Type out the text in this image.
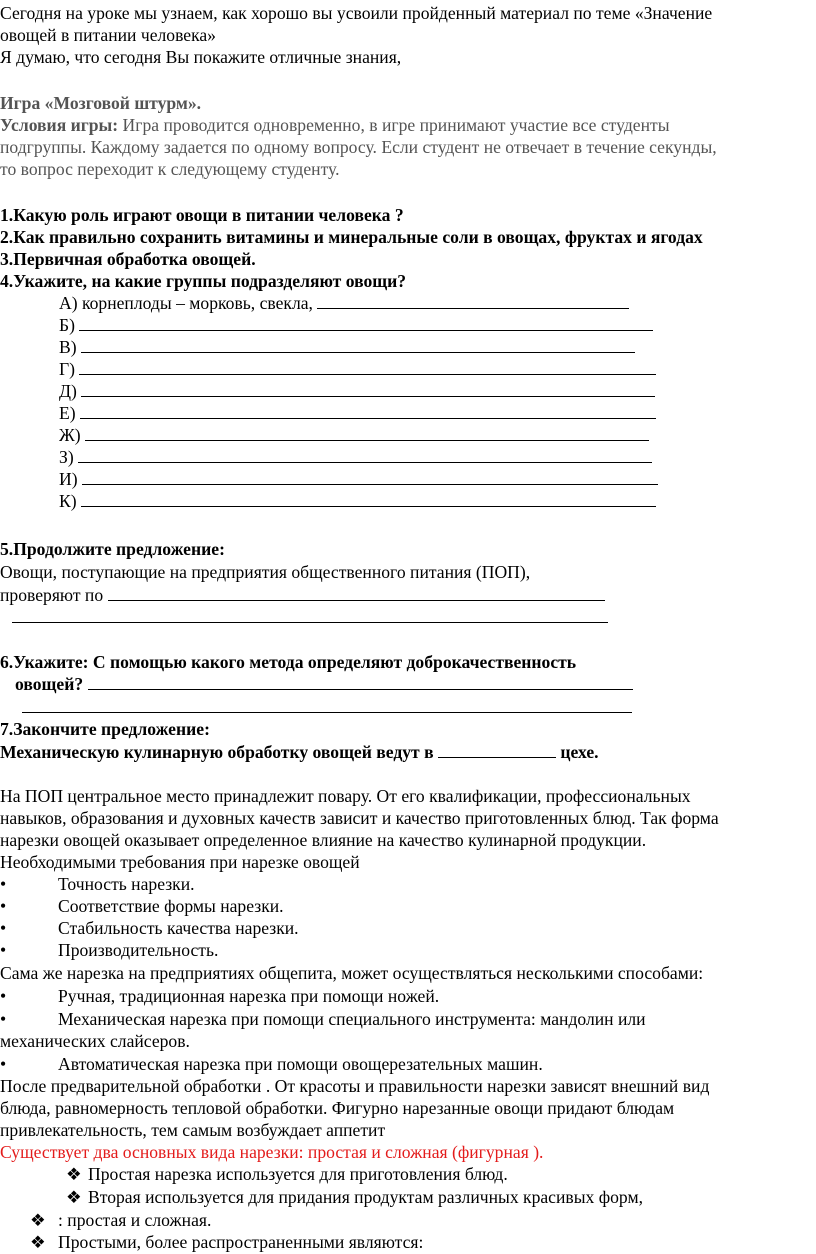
Сегодня на уроке мы узнаем, как хорошо вы усвоили пройденный материал по теме «Значение
овощей в питании человека»
Я думаю, что сегодня Вы покажите отличные знания,
Игра «Мозговой штурм».
Условия игры: Игра проводится одновременно, в игре принимают участие все студенты
подгруппы. Каждому задается по одному вопросу. Если студент не отвечает в течение секунды,
то вопрос переходит к следующему студенту.
1.Какую роль играют овощи в питании человека ?
2.Как правильно сохранить витамины и минеральные соли в овощах, фруктах и ягодах
3.Первичная обработка овощей.
4.Укажите, на какие группы подразделяют овощи?
А) корнеплоды – морковь, свекла,
Б)
В)
Г)
Д)
Е)
Ж)
З)
И)
К)
5.Продолжите предложение:
Овощи, поступающие на предприятия общественного питания (ПОП),
проверяют по
6.Укажите: С помощью какого метода определяют доброкачественность
овощей?
7.Закончите предложение:
Механическую кулинарную обработку овощей ведут в	цехе.
На ПОП центральное место принадлежит повару. От его квалификации, профессиональных
навыков, образования и духовных качеств зависит и качество приготовленных блюд. Так форма
нарезки овощей оказывает определенное влияние на качество кулинарной продукции.
Необходимыми требования при нарезке овощей
•	Точность нарезки.
•	Соответствие формы нарезки.
•	Стабильность качества нарезки.
•	Производительность.
Сама же нарезка на предприятиях общепита, может осуществляться несколькими способами:
•	Ручная, традиционная нарезка при помощи ножей.
•	Механическая нарезка при помощи специального инструмента: мандолин или
механических слайсеров.
•	Автоматическая нарезка при помощи овощерезательных машин.
После предварительной обработки . От красоты и правильности нарезки зависят внешний вид
блюда, равномерность тепловой обработки. Фигурно нарезанные овощи придают блюдам
привлекательность, тем самым возбуждает аппетит
Существует два основных вида нарезки: простая и сложная (фигурная ).
❖ Простая нарезка используется для приготовления блюд.
❖ Вторая используется для придания продуктам различных красивых форм,
❖ : простая и сложная.
❖ Простыми, более распространенными являются:
